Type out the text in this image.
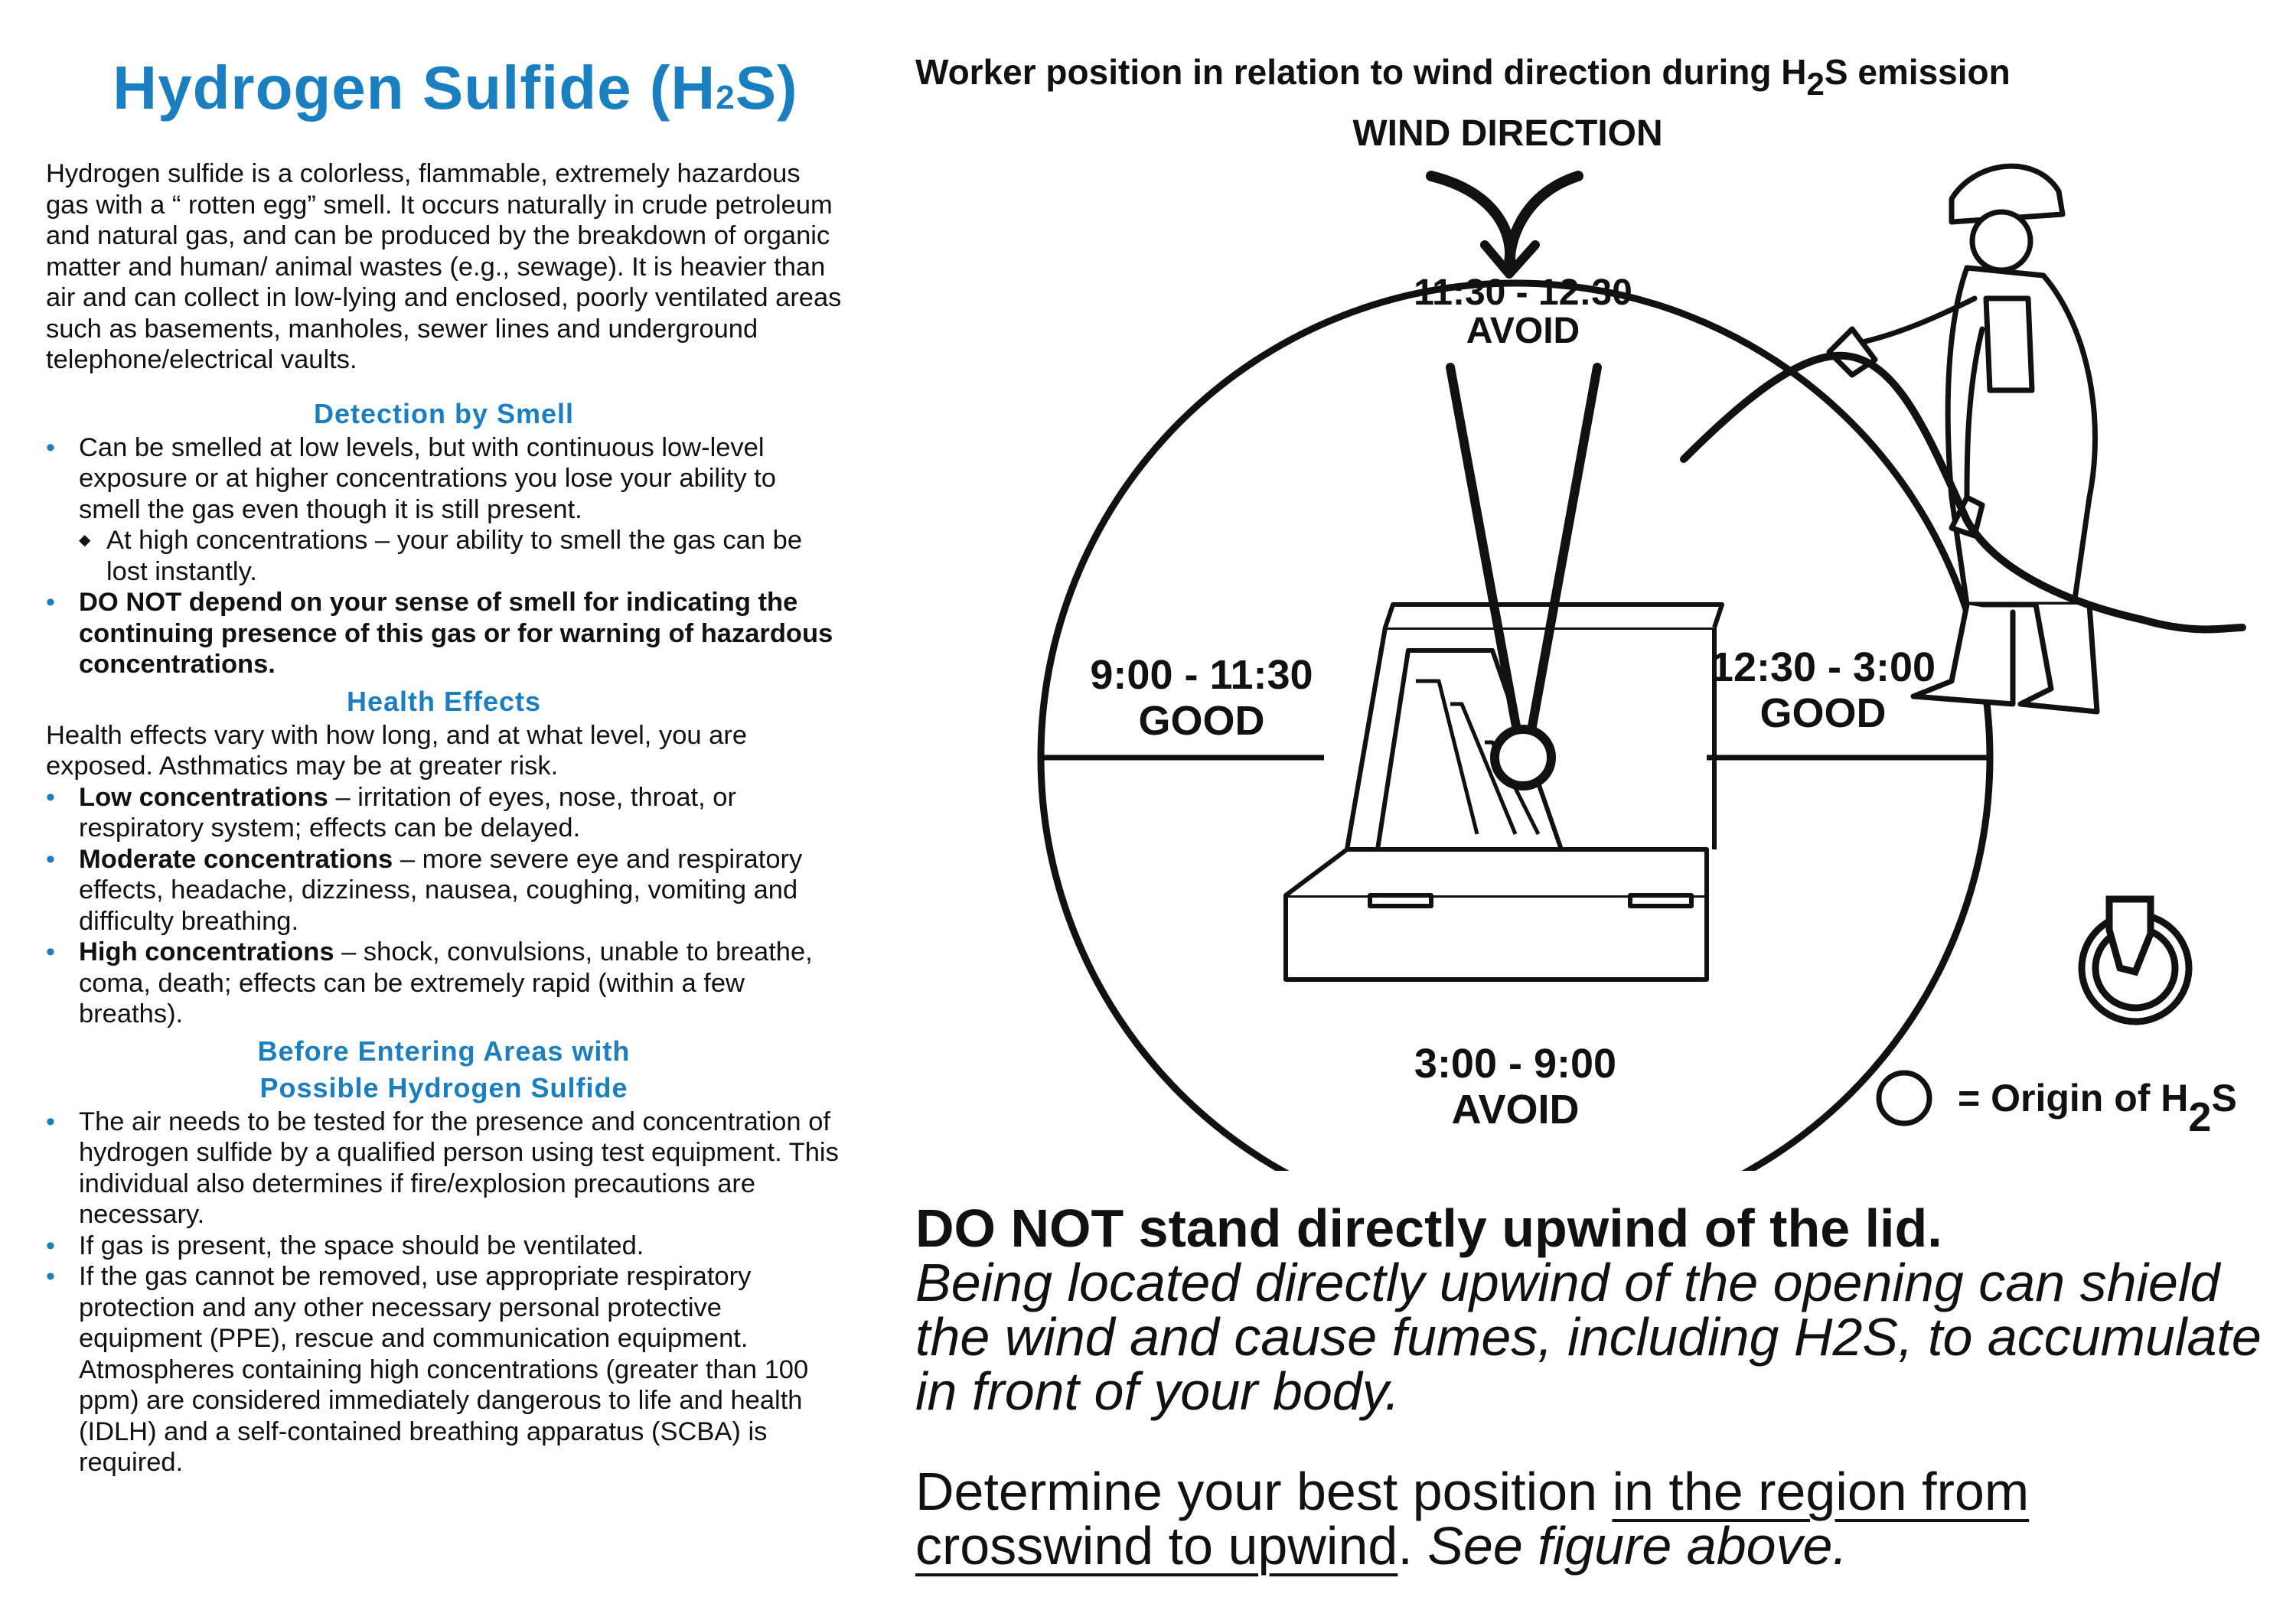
Hydrogen Sulfide (H2S)

Hydrogen sulfide is a colorless, flammable, extremely hazardous gas with a “ rotten egg” smell. It occurs naturally in crude petroleum and natural gas, and can be produced by the breakdown of organic matter and human/ animal wastes (e.g., sewage). It is heavier than air and can collect in low-lying and enclosed, poorly ventilated areas such as basements, manholes, sewer lines and underground telephone/electrical vaults.

Detection by Smell
• Can be smelled at low levels, but with continuous low-level exposure or at higher concentrations you lose your ability to smell the gas even though it is still present.
◆ At high concentrations – your ability to smell the gas can be lost instantly.
• DO NOT depend on your sense of smell for indicating the continuing presence of this gas or for warning of hazardous concentrations.
Health Effects

Health effects vary with how long, and at what level, you are exposed. Asthmatics may be at greater risk.

• Low concentrations – irritation of eyes, nose, throat, or respiratory system; effects can be delayed.
• Moderate concentrations – more severe eye and respiratory effects, headache, dizziness, nausea, coughing, vomiting and difficulty breathing.
• High concentrations – shock, convulsions, unable to breathe, coma, death; effects can be extremely rapid (within a few breaths).
Before Entering Areas with
Possible Hydrogen Sulfide
• The air needs to be tested for the presence and concentration of hydrogen sulfide by a qualified person using test equipment. This individual also determines if fire/explosion precautions are necessary.
• If gas is present, the space should be ventilated.
• If the gas cannot be removed, use appropriate respiratory protection and any other necessary personal protective equipment (PPE), rescue and communication equipment. Atmospheres containing high concentrations (greater than 100 ppm) are considered immediately dangerous to life and health (IDLH) and a self-contained breathing apparatus (SCBA) is required.
Worker position in relation to wind direction during $H_2S$ emission
WIND DIRECTION
11:30 - 12:30
AVOID
9:00 - 11:30
GOOD
12:30 - 3:00
GOOD
3:00 - 9:00
AVOID	= Origin of H2S
DO NOT stand directly upwind of the lid.
Being located directly upwind of the opening can shield the wind and cause fumes, including H2S, to accumulate in front of your body.
Determine your best position in the region from crosswind to upwind. See figure above.
